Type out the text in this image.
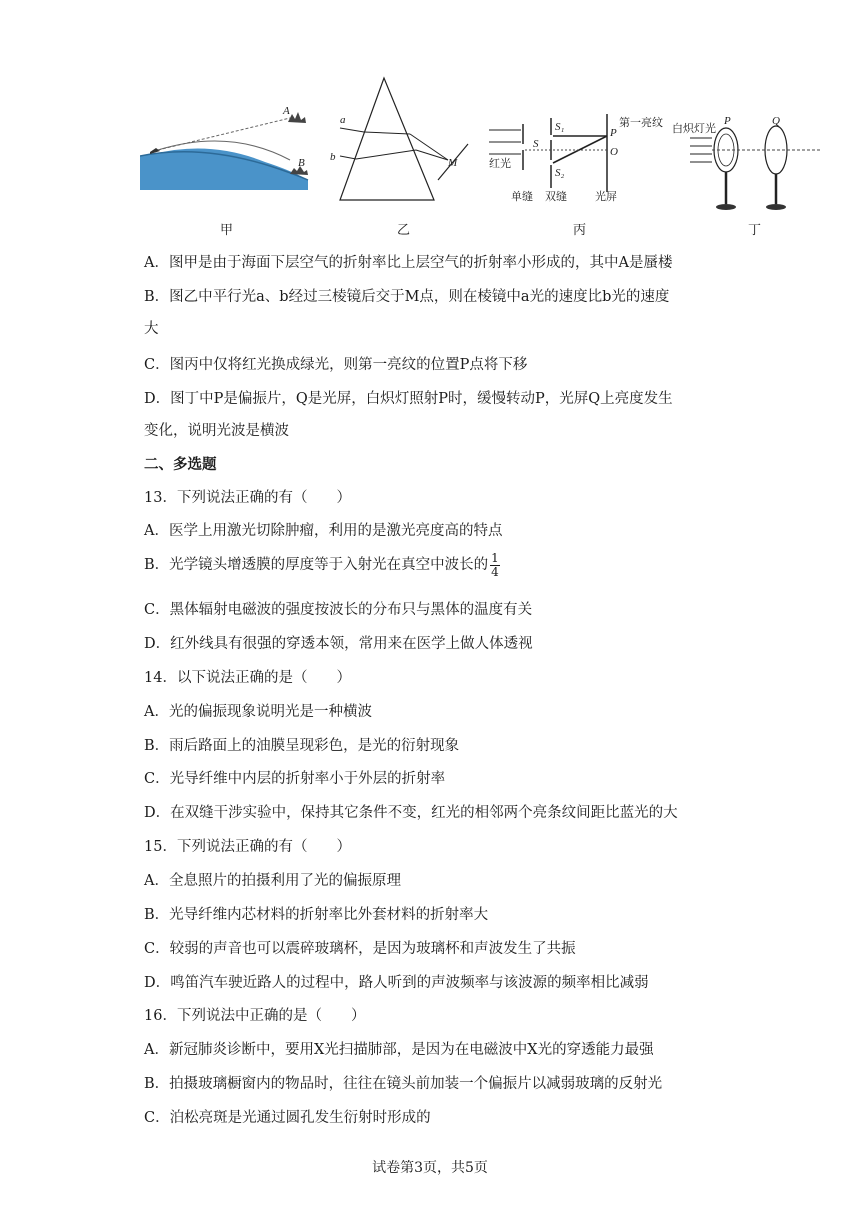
A
B
甲
a
b	M
乙
S
S₁
S₂
P
O
第一亮纹
红光
单缝 双缝	光屏
丙
白炽灯光
P	Q
丁
A．图甲是由于海面下层空气的折射率比上层空气的折射率小形成的，其中A是蜃楼
B．图乙中平行光a、b经过三棱镜后交于M点，则在棱镜中a光的速度比b光的速度
大
C．图丙中仅将红光换成绿光，则第一亮纹的位置P点将下移
D．图丁中P是偏振片，Q是光屏，白炽灯照射P时，缓慢转动P，光屏Q上亮度发生
变化，说明光波是横波
二、多选题
13．下列说法正确的有（　　）
A．医学上用激光切除肿瘤，利用的是激光亮度高的特点
B．光学镜头增透膜的厚度等于入射光在真空中波长的 $\frac{1}{4}$
C．黑体辐射电磁波的强度按波长的分布只与黑体的温度有关
D．红外线具有很强的穿透本领，常用来在医学上做人体透视
14．以下说法正确的是（　　）
A．光的偏振现象说明光是一种横波
B．雨后路面上的油膜呈现彩色，是光的衍射现象
C．光导纤维中内层的折射率小于外层的折射率
D．在双缝干涉实验中，保持其它条件不变，红光的相邻两个亮条纹间距比蓝光的大
15．下列说法正确的有（　　）
A．全息照片的拍摄利用了光的偏振原理
B．光导纤维内芯材料的折射率比外套材料的折射率大
C．较弱的声音也可以震碎玻璃杯，是因为玻璃杯和声波发生了共振
D．鸣笛汽车驶近路人的过程中，路人听到的声波频率与该波源的频率相比减弱
16．下列说法中正确的是（　　）
A．新冠肺炎诊断中，要用X光扫描肺部，是因为在电磁波中X光的穿透能力最强
B．拍摄玻璃橱窗内的物品时，往往在镜头前加装一个偏振片以减弱玻璃的反射光
C．泊松亮斑是光通过圆孔发生衍射时形成的
试卷第3页，共5页
